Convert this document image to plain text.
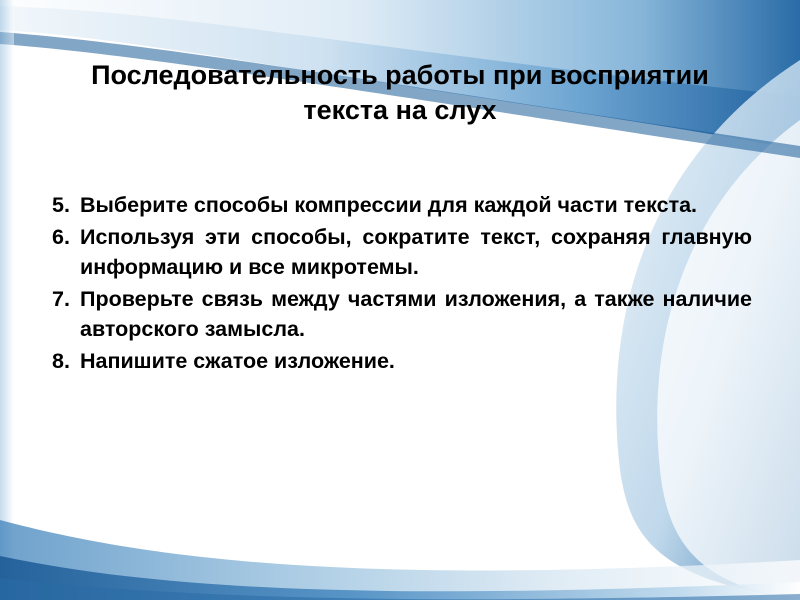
Последовательность работы при восприятии текста на слух
5. Выберите способы компрессии для каждой части текста.
6. Используя эти способы, сократите текст, сохраняя главную информацию и все микротемы.
7. Проверьте связь между частями изложения, а также наличие авторского замысла.
8. Напишите сжатое изложение.
